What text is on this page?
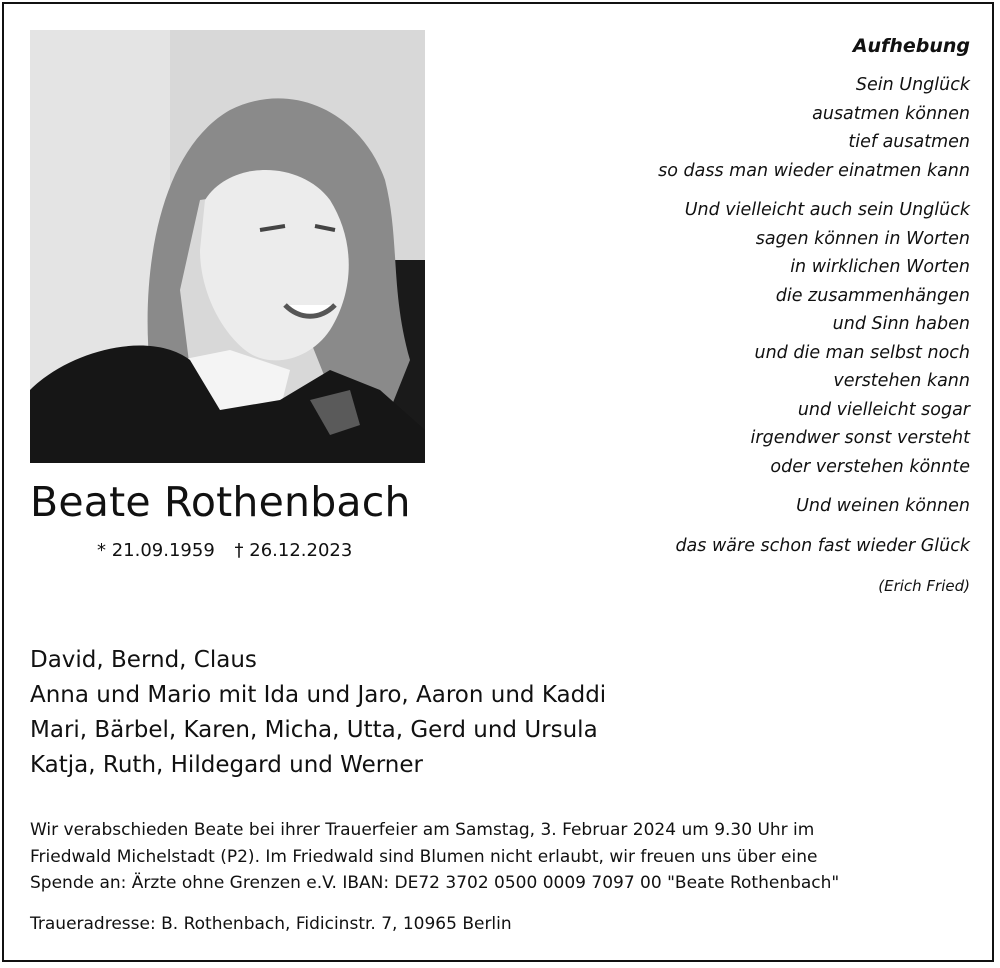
Beate Rothenbach
* 21.09.1959 † 26.12.2023
Aufhebung
Sein Unglück
ausatmen können
tief ausatmen
so dass man wieder einatmen kann
Und vielleicht auch sein Unglück
sagen können in Worten
in wirklichen Worten
die zusammenhängen
und Sinn haben
und die man selbst noch
verstehen kann
und vielleicht sogar
irgendwer sonst versteht
oder verstehen könnte
Und weinen können
das wäre schon fast wieder Glück
(Erich Fried)
David, Bernd, Claus
Anna und Mario mit Ida und Jaro, Aaron und Kaddi
Mari, Bärbel, Karen, Micha, Utta, Gerd und Ursula
Katja, Ruth, Hildegard und Werner
Wir verabschieden Beate bei ihrer Trauerfeier am Samstag, 3. Februar 2024 um 9.30 Uhr im
Friedwald Michelstadt (P2). Im Friedwald sind Blumen nicht erlaubt, wir freuen uns über eine
Spende an: Ärzte ohne Grenzen e.V. IBAN: DE72 3702 0500 0009 7097 00 "Beate Rothenbach"
Traueradresse: B. Rothenbach, Fidicinstr. 7, 10965 Berlin
